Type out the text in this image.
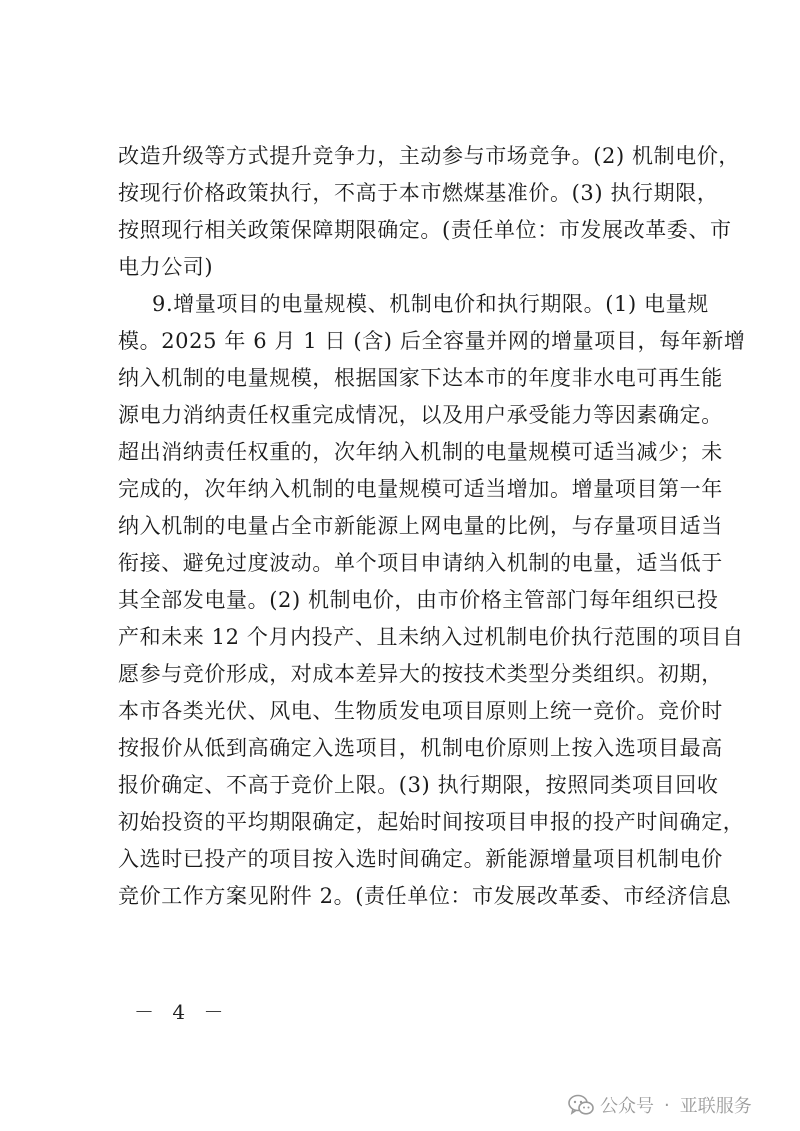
改造升级等方式提升竞争力，主动参与市场竞争。(2) 机制电价，
按现行价格政策执行，不高于本市燃煤基准价。(3) 执行期限，
按照现行相关政策保障期限确定。(责任单位：市发展改革委、市
电力公司)
9.增量项目的电量规模、机制电价和执行期限。(1) 电量规
模。2025 年 6 月 1 日 (含) 后全容量并网的增量项目，每年新增
纳入机制的电量规模，根据国家下达本市的年度非水电可再生能
源电力消纳责任权重完成情况，以及用户承受能力等因素确定。
超出消纳责任权重的，次年纳入机制的电量规模可适当减少；未
完成的，次年纳入机制的电量规模可适当增加。增量项目第一年
纳入机制的电量占全市新能源上网电量的比例，与存量项目适当
衔接、避免过度波动。单个项目申请纳入机制的电量，适当低于
其全部发电量。(2) 机制电价，由市价格主管部门每年组织已投
产和未来 12 个月内投产、且未纳入过机制电价执行范围的项目自
愿参与竞价形成，对成本差异大的按技术类型分类组织。初期，
本市各类光伏、风电、生物质发电项目原则上统一竞价。竞价时
按报价从低到高确定入选项目，机制电价原则上按入选项目最高
报价确定、不高于竞价上限。(3) 执行期限，按照同类项目回收
初始投资的平均期限确定，起始时间按项目申报的投产时间确定，
入选时已投产的项目按入选时间确定。新能源增量项目机制电价
竞价工作方案见附件 2。(责任单位：市发展改革委、市经济信息
－ 4 －
公众号 · 亚联服务
